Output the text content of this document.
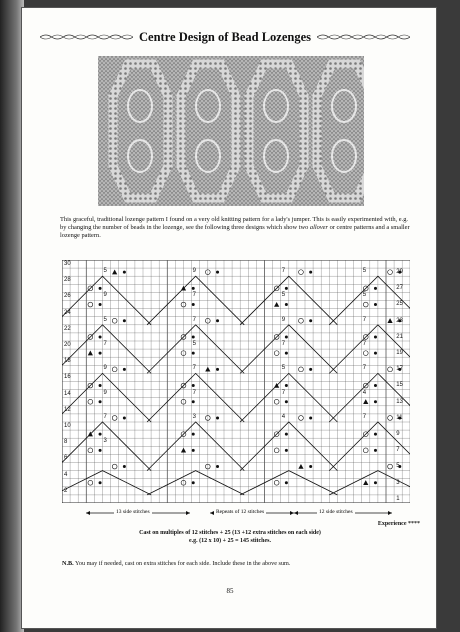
Centre Design of Bead Lozenges
This graceful, traditional lozenge pattern I found on a very old knitting pattern for a lady's jumper. This is easily experimented with, e.g. by changing the number of beads in the lozenge, see the following three designs which show two allover or centre patterns and a smaller lozenge pattern.
30
28
26
24
22
20
18
16
14
12
10
8
6
4
2
29
27
25
23
21
19
17
15
13
11
9
7
5
3
1
5	9	7	5
9	7	5	5
5	7	9	7
7	5	7	7
9	7	5	7
9	7	7	4
7	3	4	7
3
13 side stitches	Repeats of 12 stitches	12 side stitches
Experience ****
Cast on multiples of 12 stitches + 25 (13 +12 extra stitches on each side)
e.g. (12 x 10) + 25 = 145 stitches.
N.B. You may if needed, cast on extra stitches for each side. Include these in the above sum.
85
